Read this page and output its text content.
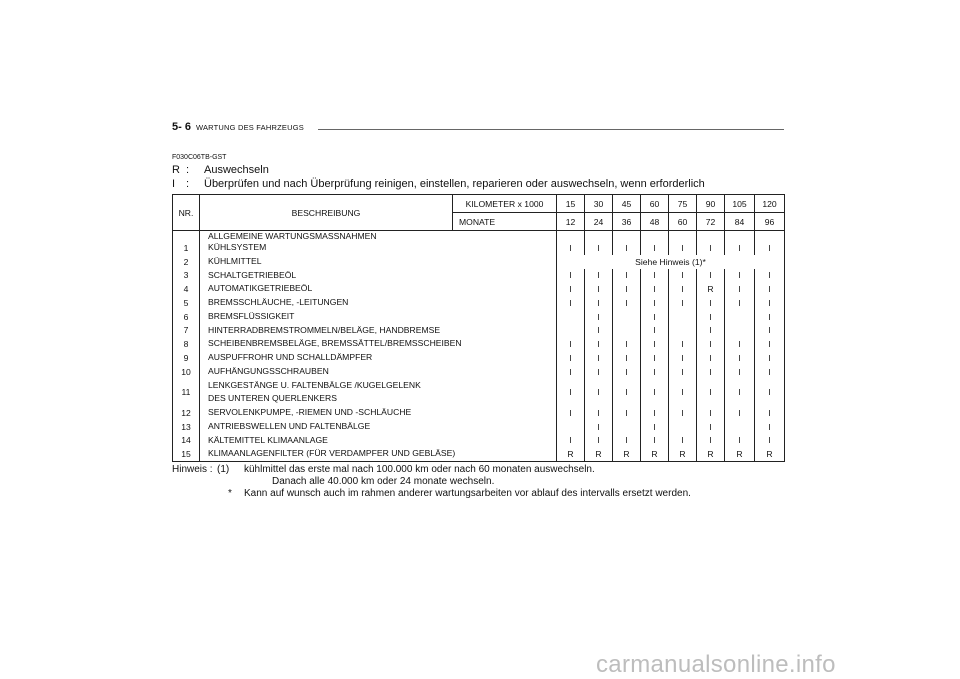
5- 6 WARTUNG DES FAHRZEUGS
F030C06TB-GST
R :	Auswechseln
I :	Überprüfen und nach Überprüfung reinigen, einstellen, reparieren oder auswechseln, wenn erforderlich
NR.	BESCHREIBUNG	KILOMETER x 1000	15	30	45	60	75	90	105	120
		MONATE	12	24	36	48	60	72	84	96
	ALLGEMEINE WARTUNGSMASSNAHMEN									
1	KÜHLSYSTEM		I	I	I	I	I	I	I	I
2	KÜHLMITTEL		Siehe Hinweis (1)*							
3	SCHALTGETRIEBEÖL		I	I	I	I	I	I	I	I
4	AUTOMATIKGETRIEBEÖL		I	I	I	I	I	R	I	I
5	BREMSSCHLÄUCHE, -LEITUNGEN		I	I	I	I	I	I	I	I
6	BREMSFLÜSSIGKEIT			I		I		I		I
7	HINTERRADBREMSTROMMELN/BELÄGE, HANDBREMSE			I		I		I		I
8	SCHEIBENBREMSBELÄGE, BREMSSÄTTEL/BREMSSCHEIBEN		I	I	I	I	I	I	I	I
9	AUSPUFFROHR UND SCHALLDÄMPFER		I	I	I	I	I	I	I	I
10	AUFHÄNGUNGSSCHRAUBEN		I	I	I	I	I	I	I	I
11	LENKGESTÄNGE U. FALTENBÄLGE /KUGELGELENK
DES UNTEREN QUERLENKERS		I	I	I	I	I	I	I	I
12	SERVOLENKPUMPE, -RIEMEN UND -SCHLÄUCHE		I	I	I	I	I	I	I	I
13	ANTRIEBSWELLEN UND FALTENBÄLGE			I		I		I		I
14	KÄLTEMITTEL KLIMAANLAGE		I	I	I	I	I	I	I	I
15	KLIMAANLAGENFILTER (FÜR VERDAMPFER UND GEBLÄSE)		R	R	R	R	R	R	R	R
Hinweis : (1) kühlmittel das erste mal nach 100.000 km oder nach 60 monaten auswechseln.
Danach alle 40.000 km oder 24 monate wechseln.
* Kann auf wunsch auch im rahmen anderer wartungsarbeiten vor ablauf des intervalls ersetzt werden.
carmanualsonline.info
